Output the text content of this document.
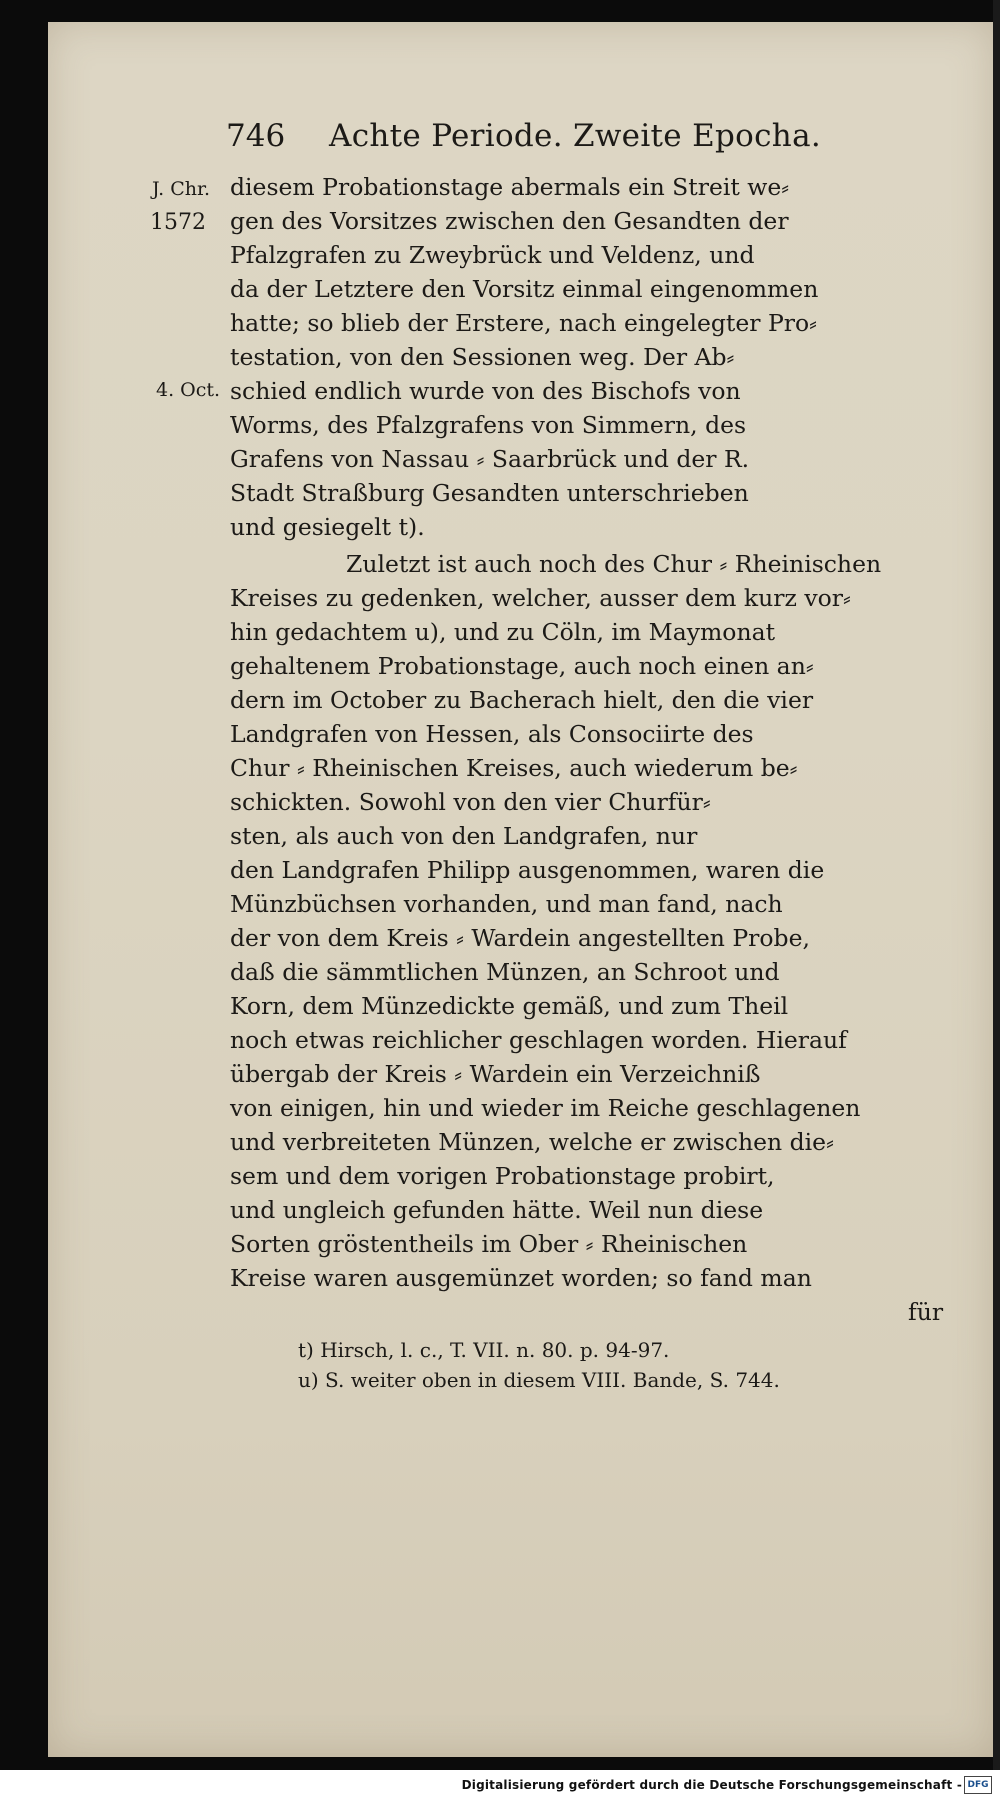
746 Achte Periode. Zweite Epocha.
J. Chr.
1572
4. Oct.
diesem Probationstage abermals ein Streit we⸗
gen des Vorsitzes zwischen den Gesandten der
Pfalzgrafen zu Zweybrück und Veldenz, und
da der Letztere den Vorsitz einmal eingenommen
hatte; so blieb der Erstere, nach eingelegter Pro⸗
testation, von den Sessionen weg. Der Ab⸗
schied endlich wurde von des Bischofs von
Worms, des Pfalzgrafens von Simmern, des
Grafens von Nassau ⸗ Saarbrück und der R.
Stadt Straßburg Gesandten unterschrieben
und gesiegelt t).
Zuletzt ist auch noch des Chur ⸗ Rheinischen
Kreises zu gedenken, welcher, ausser dem kurz vor⸗
hin gedachtem u), und zu Cöln, im Maymonat
gehaltenem Probationstage, auch noch einen an⸗
dern im October zu Bacherach hielt, den die vier
Landgrafen von Hessen, als Consociirte des
Chur ⸗ Rheinischen Kreises, auch wiederum be⸗
schickten. Sowohl von den vier Churfür⸗
sten, als auch von den Landgrafen, nur
den Landgrafen Philipp ausgenommen, waren die
Münzbüchsen vorhanden, und man fand, nach
der von dem Kreis ⸗ Wardein angestellten Probe,
daß die sämmtlichen Münzen, an Schroot und
Korn, dem Münzedickte gemäß, und zum Theil
noch etwas reichlicher geschlagen worden. Hierauf
übergab der Kreis ⸗ Wardein ein Verzeichniß
von einigen, hin und wieder im Reiche geschlagenen
und verbreiteten Münzen, welche er zwischen die⸗
sem und dem vorigen Probationstage probirt,
und ungleich gefunden hätte. Weil nun diese
Sorten gröstentheils im Ober ⸗ Rheinischen
Kreise waren ausgemünzet worden; so fand man
für
t) Hirsch, l. c., T. VII. n. 80. p. 94-97.
u) S. weiter oben in diesem VIII. Bande, S. 744.
Digitalisierung gefördert durch die Deutsche Forschungsgemeinschaft - DFG
